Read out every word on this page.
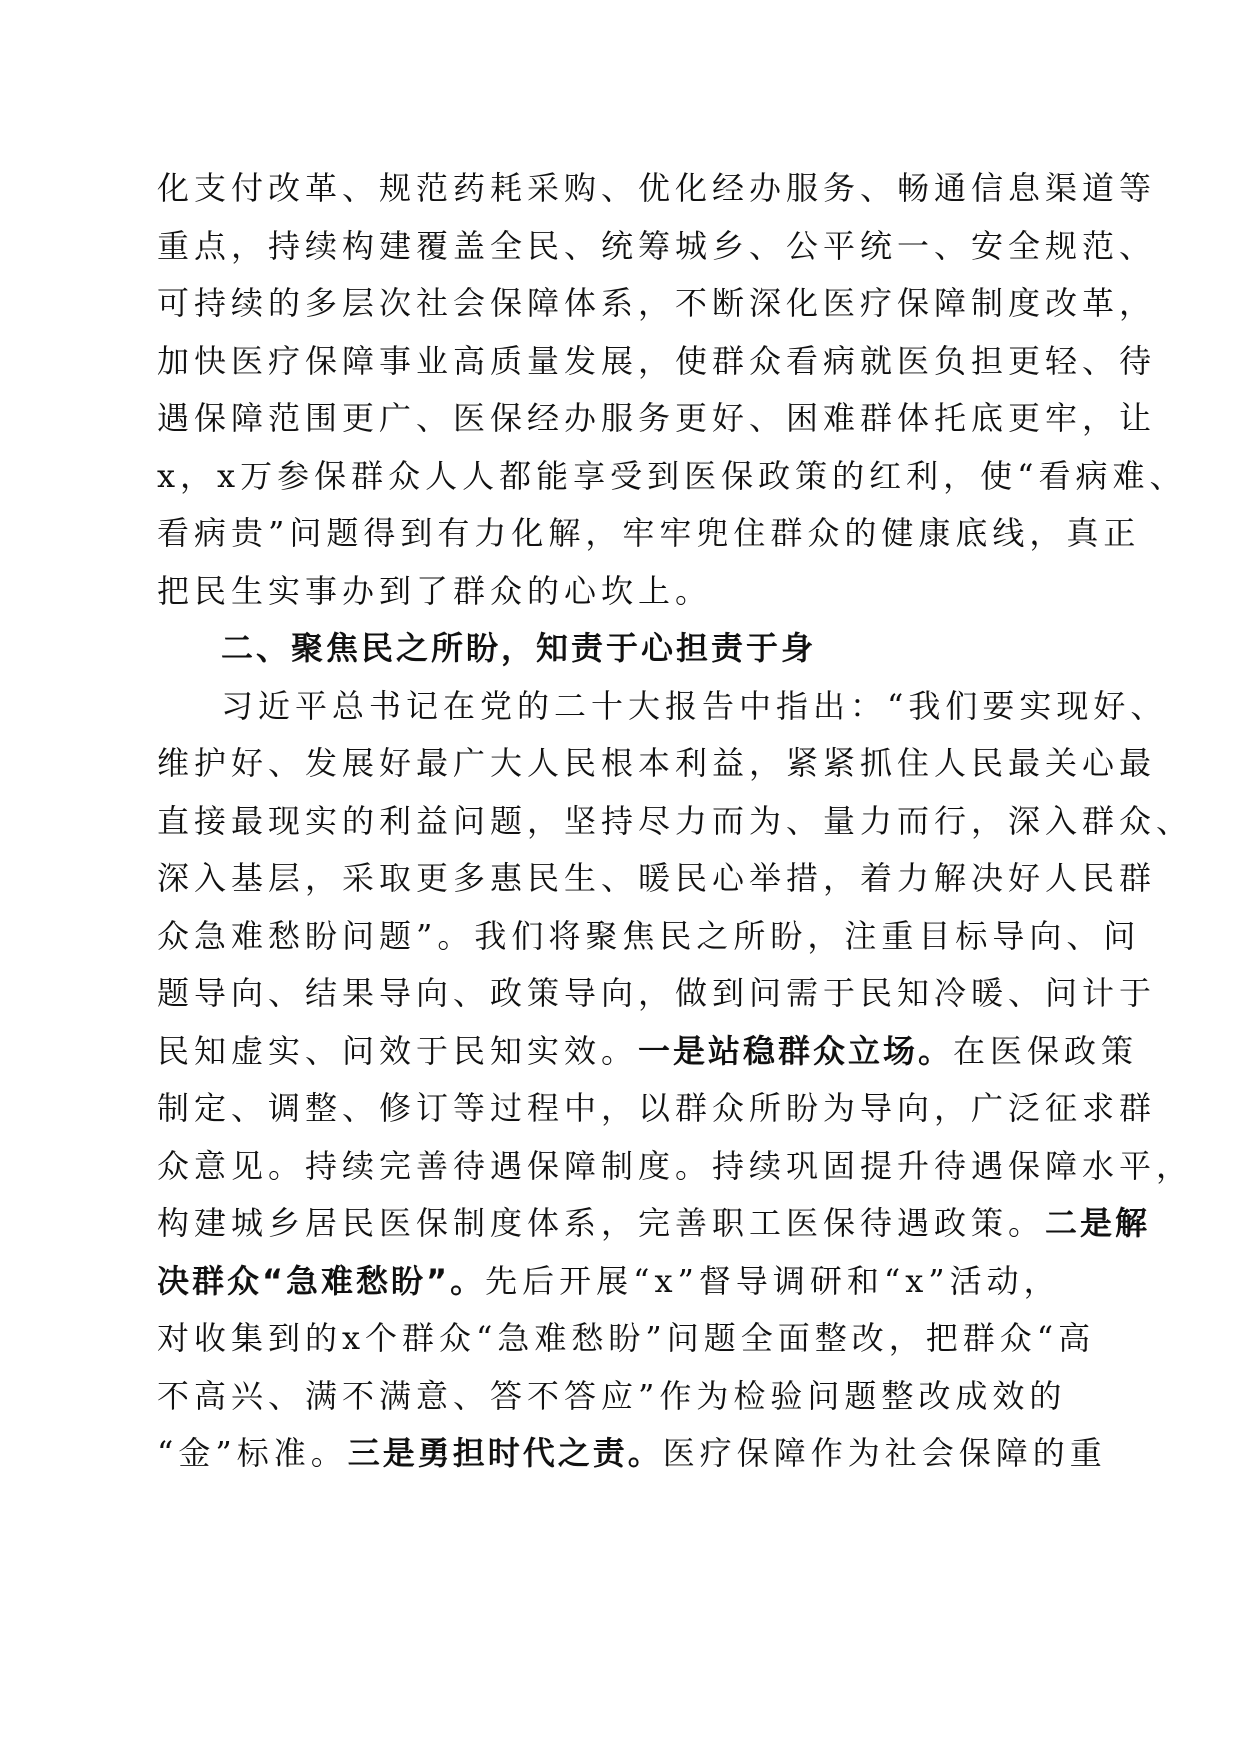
化支付改革、规范药耗采购、优化经办服务、畅通信息渠道等
重点，持续构建覆盖全民、统筹城乡、公平统一、安全规范、
可持续的多层次社会保障体系，不断深化医疗保障制度改革，
加快医疗保障事业高质量发展，使群众看病就医负担更轻、待
遇保障范围更广、医保经办服务更好、困难群体托底更牢，让
x，x万参保群众人人都能享受到医保政策的红利，使“看病难、
看病贵”问题得到有力化解，牢牢兜住群众的健康底线，真正
把民生实事办到了群众的心坎上。
二、聚焦民之所盼，知责于心担责于身
习近平总书记在党的二十大报告中指出：“我们要实现好、
维护好、发展好最广大人民根本利益，紧紧抓住人民最关心最
直接最现实的利益问题，坚持尽力而为、量力而行，深入群众、
深入基层，采取更多惠民生、暖民心举措，着力解决好人民群
众急难愁盼问题”。我们将聚焦民之所盼，注重目标导向、问
题导向、结果导向、政策导向，做到问需于民知冷暖、问计于
民知虚实、问效于民知实效。一是站稳群众立场。在医保政策
制定、调整、修订等过程中，以群众所盼为导向，广泛征求群
众意见。持续完善待遇保障制度。持续巩固提升待遇保障水平，
构建城乡居民医保制度体系，完善职工医保待遇政策。二是解
决群众“急难愁盼”。先后开展“x”督导调研和“x”活动，
对收集到的x个群众“急难愁盼”问题全面整改，把群众“高
不高兴、满不满意、答不答应”作为检验问题整改成效的
“金”标准。三是勇担时代之责。医疗保障作为社会保障的重
